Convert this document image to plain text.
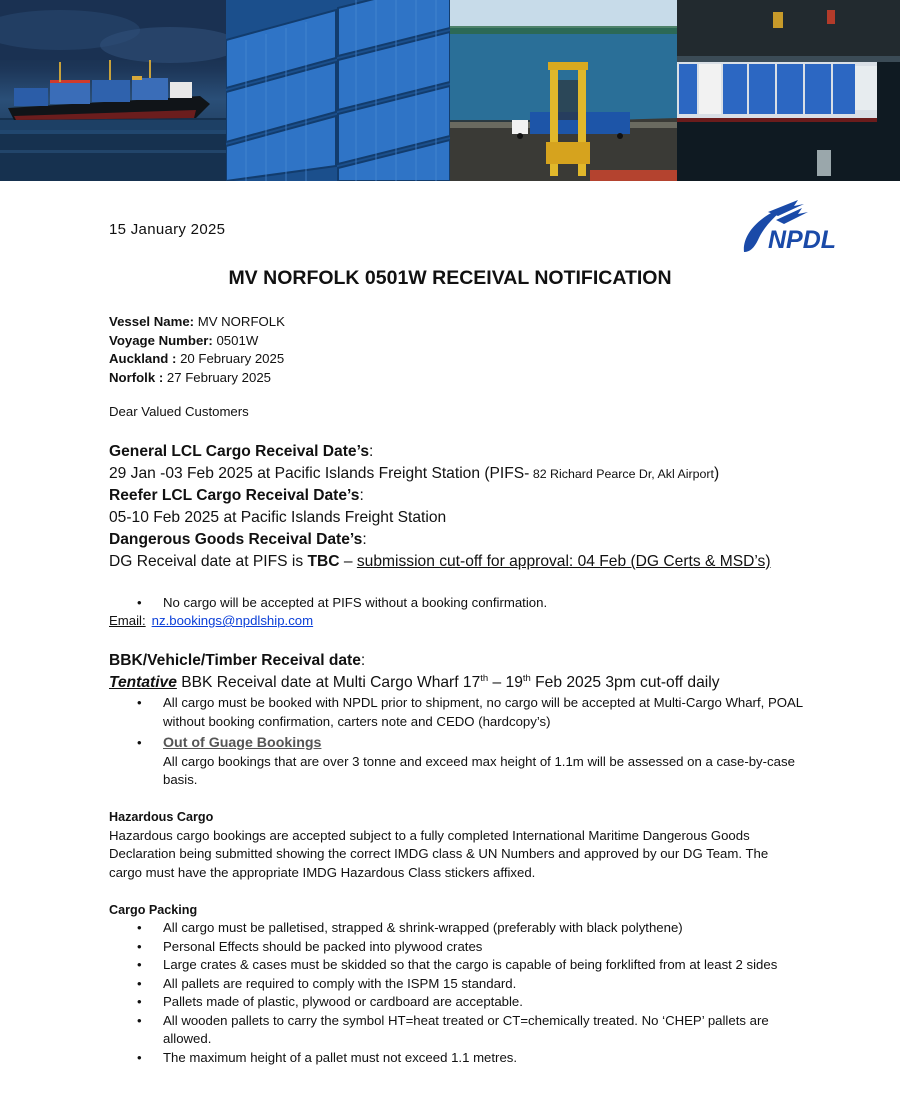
15 January 2025	NPDL
MV NORFOLK 0501W RECEIVAL NOTIFICATION
Vessel Name: MV NORFOLK
Voyage Number: 0501W
Auckland : 20 February 2025
Norfolk : 27 February 2025
Dear Valued Customers
General LCL Cargo Receival Date’s:
29 Jan -03 Feb 2025 at Pacific Islands Freight Station (PIFS- 82 Richard Pearce Dr, Akl Airport)
Reefer LCL Cargo Receival Date’s:
05-10 Feb 2025 at Pacific Islands Freight Station
Dangerous Goods Receival Date’s:
DG Receival date at PIFS is TBC – submission cut-off for approval: 04 Feb (DG Certs & MSD’s)
• No cargo will be accepted at PIFS without a booking confirmation.
Email: nz.bookings@npdlship.com
BBK/Vehicle/Timber Receival date:
Tentative BBK Receival date at Multi Cargo Wharf 17th – 19th Feb 2025 3pm cut-off daily
• All cargo must be booked with NPDL prior to shipment, no cargo will be accepted at Multi-Cargo Wharf, POAL without booking confirmation, carters note and CEDO (hardcopy’s)
• Out of Guage Bookings
All cargo bookings that are over 3 tonne and exceed max height of 1.1m will be assessed on a case-by-case basis.
Hazardous Cargo
Hazardous cargo bookings are accepted subject to a fully completed International Maritime Dangerous Goods Declaration being submitted showing the correct IMDG class & UN Numbers and approved by our DG Team. The cargo must have the appropriate IMDG Hazardous Class stickers affixed.
Cargo Packing
• All cargo must be palletised, strapped & shrink-wrapped (preferably with black polythene)
• Personal Effects should be packed into plywood crates
• Large crates & cases must be skidded so that the cargo is capable of being forklifted from at least 2 sides
• All pallets are required to comply with the ISPM 15 standard.
• Pallets made of plastic, plywood or cardboard are acceptable.
• All wooden pallets to carry the symbol HT=heat treated or CT=chemically treated. No ‘CHEP’ pallets are allowed.
• The maximum height of a pallet must not exceed 1.1 metres.
